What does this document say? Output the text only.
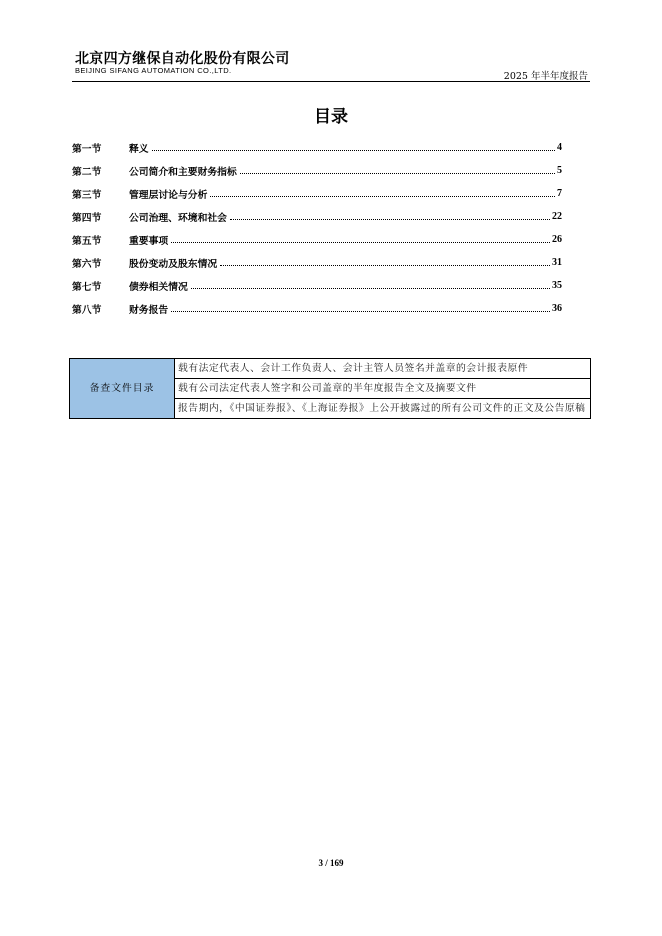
北京四方继保自动化股份有限公司
BEIJING SIFANG AUTOMATION CO.,LTD.
2025 年半年度报告
目录
第一节	释义	4
第二节	公司简介和主要财务指标	5
第三节	管理层讨论与分析	7
第四节	公司治理、环境和社会	22
第五节	重要事项	26
第六节	股份变动及股东情况	31
第七节	债券相关情况	35
第八节	财务报告	36
备查文件目录	载有法定代表人、会计工作负责人、会计主管人员签名并盖章的会计报表原件
载有公司法定代表人签字和公司盖章的半年度报告全文及摘要文件
报告期内，《中国证券报》、《上海证券报》上公开披露过的所有公司文件的正文及公告原稿
3 / 169
